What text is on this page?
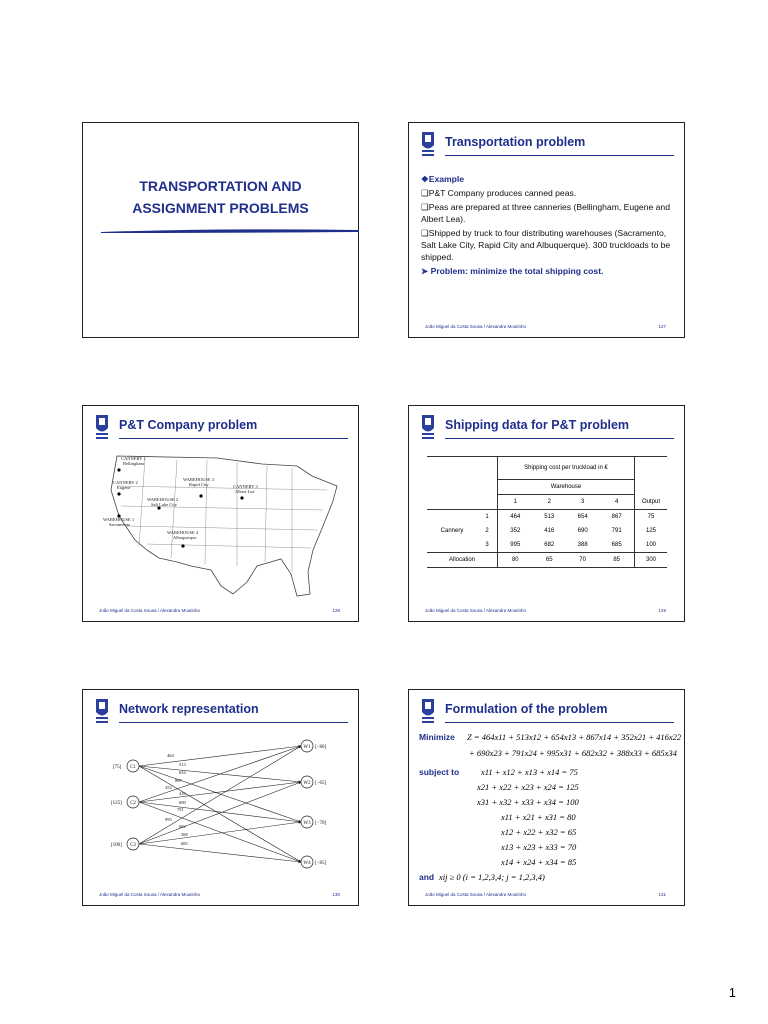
TRANSPORTATION AND
ASSIGNMENT PROBLEMS
Transportation problem
❖Example
❑P&T Company produces canned peas.
❑Peas are prepared at three canneries (Bellingham, Eugene and Albert Lea).
❑Shipped by truck to four distributing warehouses (Sacramento, Salt Lake City, Rapid City and Albuquerque). 300 truckloads to be shipped.
➤ Problem: minimize the total shipping cost.
João Miguel da Costa Sousa / Alexandra Moutinho	127
P&T Company problem
CANNERY 1
Bellingham
CANNERY 2
Eugene
WAREHOUSE 1
Sacramento
WAREHOUSE 2
Salt Lake City
WAREHOUSE 3
Rapid City	CANNERY 3
Albert Lea
WAREHOUSE 4
Albuquerque
João Miguel da Costa Sousa / Alexandra Moutinho	128
Shipping data for P&T problem
		Shipping cost per truckload in €				
		Warehouse				
		1	2	3	4	Output
	1	464	513	654	867	75
Cannery	2	352	416	690	791	125
	3	995	682	388	685	100
Allocation		80	65	70	85	300
João Miguel da Costa Sousa / Alexandra Moutinho	129
Network representation
C1
C2
C3
W1
W2
W3
W4
[75]
[125]
[100]
[−80]
[−65]
[−70]
[−85]
464
513
654
867
352
416
690
791
995
682
388
685
João Miguel da Costa Sousa / Alexandra Moutinho	130
Formulation of the problem
Minimize Z = 464x11 + 513x12 + 654x13 + 867x14 + 352x21 + 416x22
+ 690x23 + 791x24 + 995x31 + 682x32 + 388x33 + 685x34
subject to	x11 + x12 + x13 + x14 = 75
x21 + x22 + x23 + x24 = 125
x31 + x32 + x33 + x34 = 100
x11 + x21 + x31 = 80
x12 + x22 + x32 = 65
x13 + x23 + x33 = 70
x14 + x24 + x34 = 85
and xij ≥ 0 (i = 1,2,3,4; j = 1,2,3,4)
João Miguel da Costa Sousa / Alexandra Moutinho	131
1
